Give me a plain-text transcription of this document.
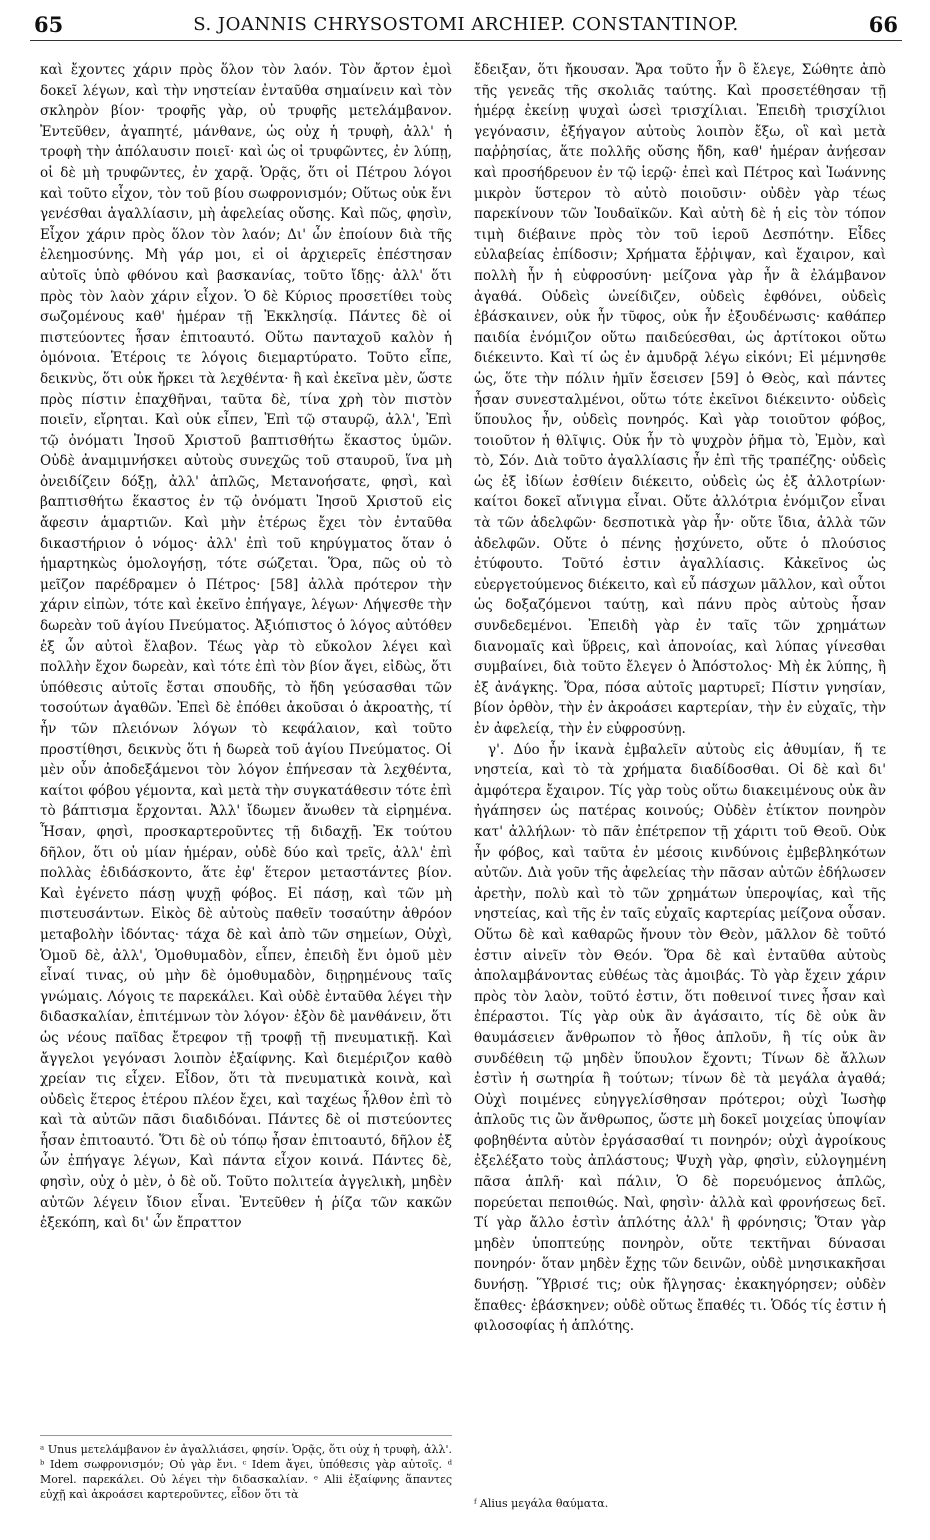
65	S. JOANNIS CHRYSOSTOMI ARCHIEP. CONSTANTINOP.	66

καὶ ἔχοντες χάριν πρὸς ὅλον τὸν λαόν. Τὸν ἄρτον ἐμοὶ δοκεῖ λέγων, καὶ τὴν νηστείαν ἐνταῦθα σημαίνειν καὶ τὸν σκληρὸν βίον· τροφῆς γὰρ, οὐ τρυφῆς μετελάμβανον. Ἐντεῦθεν, ἀγαπητέ, μάνθανε, ὡς οὐχ ἡ τρυφὴ, ἀλλ' ἡ τροφὴ τὴν ἀπόλαυσιν ποιεῖ· καὶ ὡς οἱ τρυφῶντες, ἐν λύπῃ, οἱ δὲ μὴ τρυφῶντες, ἐν χαρᾷ. Ὁρᾷς, ὅτι οἱ Πέτρου λόγοι καὶ τοῦτο εἶχον, τὸν τοῦ βίου σωφρονισμόν; Οὕτως οὐκ ἔνι γενέσθαι ἀγαλλίασιν, μὴ ἀφελείας οὔσης. Καὶ πῶς, φησὶν, Εἶχον χάριν πρὸς ὅλον τὸν λαόν; Δι' ὧν ἐποίουν διὰ τῆς ἐλεημοσύνης. Μὴ γάρ μοι, εἰ οἱ ἀρχιερεῖς ἐπέστησαν αὐτοῖς ὑπὸ φθόνου καὶ βασκανίας, τοῦτο ἴδῃς· ἀλλ' ὅτι πρὸς τὸν λαὸν χάριν εἶχον. Ὁ δὲ Κύριος προσετίθει τοὺς σωζομένους καθ' ἡμέραν τῇ Ἐκκλησίᾳ. Πάντες δὲ οἱ πιστεύοντες ἦσαν ἐπιτοαυτό. Οὕτω πανταχοῦ καλὸν ἡ ὁμόνοια. Ἑτέροις τε λόγοις διεμαρτύρατο. Τοῦτο εἶπε, δεικνὺς, ὅτι οὐκ ἤρκει τὰ λεχθέντα· ἢ καὶ ἐκεῖνα μὲν, ὥστε πρὸς πίστιν ἐπαχθῆναι, ταῦτα δὲ, τίνα χρὴ τὸν πιστὸν ποιεῖν, εἴρηται. Καὶ οὐκ εἶπεν, Ἐπὶ τῷ σταυρῷ, ἀλλ', Ἐπὶ τῷ ὀνόματι Ἰησοῦ Χριστοῦ βαπτισθήτω ἕκαστος ὑμῶν. Οὐδὲ ἀναμιμνήσκει αὐτοὺς συνεχῶς τοῦ σταυροῦ, ἵνα μὴ ὀνειδίζειν δόξῃ, ἀλλ' ἁπλῶς, Μετανοήσατε, φησὶ, καὶ βαπτισθήτω ἕκαστος ἐν τῷ ὀνόματι Ἰησοῦ Χριστοῦ εἰς ἄφεσιν ἁμαρτιῶν. Καὶ μὴν ἑτέρως ἔχει τὸν ἐνταῦθα δικαστήριον ὁ νόμος· ἀλλ' ἐπὶ τοῦ κηρύγματος ὅταν ὁ ἡμαρτηκὼς ὁμολογήσῃ, τότε σώζεται. Ὅρα, πῶς οὐ τὸ μεῖζον παρέδραμεν ὁ Πέτρος· [58] ἀλλὰ πρότερον τὴν χάριν εἰπὼν, τότε καὶ ἐκεῖνο ἐπήγαγε, λέγων· Λήψεσθε τὴν δωρεὰν τοῦ ἁγίου Πνεύματος. Ἀξιόπιστος ὁ λόγος αὐτόθεν ἐξ ὧν αὐτοὶ ἔλαβον. Τέως γὰρ τὸ εὔκολον λέγει καὶ πολλὴν ἔχον δωρεὰν, καὶ τότε ἐπὶ τὸν βίον ἄγει, εἰδὼς, ὅτι ὑπόθεσις αὐτοῖς ἔσται σπουδῆς, τὸ ἤδη γεύσασθαι τῶν τοσούτων ἀγαθῶν. Ἐπεὶ δὲ ἐπόθει ἀκοῦσαι ὁ ἀκροατὴς, τί ἦν τῶν πλειόνων λόγων τὸ κεφάλαιον, καὶ τοῦτο προστίθησι, δεικνὺς ὅτι ἡ δωρεὰ τοῦ ἁγίου Πνεύματος. Οἱ μὲν οὖν ἀποδεξάμενοι τὸν λόγον ἐπήνεσαν τὰ λεχθέντα, καίτοι φόβου γέμοντα, καὶ μετὰ τὴν συγκατάθεσιν τότε ἐπὶ τὸ βάπτισμα ἔρχονται. Ἀλλ' ἴδωμεν ἄνωθεν τὰ εἰρημένα. Ἦσαν, φησὶ, προσκαρτεροῦντες τῇ διδαχῇ. Ἐκ τούτου δῆλον, ὅτι οὐ μίαν ἡμέραν, οὐδὲ δύο καὶ τρεῖς, ἀλλ' ἐπὶ πολλὰς ἐδιδάσκοντο, ἅτε ἐφ' ἕτερον μεταστάντες βίον. Καὶ ἐγένετο πάσῃ ψυχῇ φόβος. Εἰ πάσῃ, καὶ τῶν μὴ πιστευσάντων. Εἰκὸς δὲ αὐτοὺς παθεῖν τοσαύτην ἀθρόον μεταβολὴν ἰδόντας· τάχα δὲ καὶ ἀπὸ τῶν σημείων, Οὐχὶ, Ὁμοῦ δὲ, ἀλλ', Ὁμοθυμαδὸν, εἶπεν, ἐπειδὴ ἔνι ὁμοῦ μὲν εἶναί τινας, οὐ μὴν δὲ ὁμοθυμαδὸν, διῃρημένους ταῖς γνώμαις. Λόγοις τε παρεκάλει. Καὶ οὐδὲ ἐνταῦθα λέγει τὴν διδασκαλίαν, ἐπιτέμνων τὸν λόγον· ἐξὸν δὲ μανθάνειν, ὅτι ὡς νέους παῖδας ἔτρεφον τῇ τροφῇ τῇ πνευματικῇ. Καὶ ἄγγελοι γεγόνασι λοιπὸν ἐξαίφνης. Καὶ διεμέριζον καθὸ χρείαν τις εἶχεν. Εἶδον, ὅτι τὰ πνευματικὰ κοινὰ, καὶ οὐδεὶς ἕτερος ἑτέρου πλέον ἔχει, καὶ ταχέως ἦλθον ἐπὶ τὸ καὶ τὰ αὐτῶν πᾶσι διαδιδόναι. Πάντες δὲ οἱ πιστεύοντες ἦσαν ἐπιτοαυτό. Ὅτι δὲ οὐ τόπῳ ἦσαν ἐπιτοαυτό, δῆλον ἐξ ὧν ἐπήγαγε λέγων, Καὶ πάντα εἶχον κοινά. Πάντες δὲ, φησὶν, οὐχ ὁ μὲν, ὁ δὲ οὔ. Τοῦτο πολιτεία ἀγγελικὴ, μηδὲν αὐτῶν λέγειν ἴδιον εἶναι. Ἐντεῦθεν ἡ ῥίζα τῶν κακῶν ἐξεκόπη, καὶ δι' ὧν ἔπραττον

ἔδειξαν, ὅτι ἤκουσαν. Ἄρα τοῦτο ἦν ὃ ἔλεγε, Σώθητε ἀπὸ τῆς γενεᾶς τῆς σκολιᾶς ταύτης. Καὶ προσετέθησαν τῇ ἡμέρᾳ ἐκείνῃ ψυχαὶ ὡσεὶ τρισχίλιαι. Ἐπειδὴ τρισχίλιοι γεγόνασιν, ἐξήγαγον αὐτοὺς λοιπὸν ἔξω, οἳ καὶ μετὰ παῤῥησίας, ἅτε πολλῆς οὔσης ἤδη, καθ' ἡμέραν ἀνῄεσαν καὶ προσήδρευον ἐν τῷ ἱερῷ· ἐπεὶ καὶ Πέτρος καὶ Ἰωάννης μικρὸν ὕστερον τὸ αὐτὸ ποιοῦσιν· οὐδὲν γὰρ τέως παρεκίνουν τῶν Ἰουδαϊκῶν. Καὶ αὐτὴ δὲ ἡ εἰς τὸν τόπον τιμὴ διέβαινε πρὸς τὸν τοῦ ἱεροῦ Δεσπότην. Εἶδες εὐλαβείας ἐπίδοσιν; Χρήματα ἔῤῥιψαν, καὶ ἔχαιρον, καὶ πολλὴ ἦν ἡ εὐφροσύνη· μείζονα γὰρ ἦν ἃ ἐλάμβανον ἀγαθά. Οὐδεὶς ὠνείδιζεν, οὐδεὶς ἐφθόνει, οὐδεὶς ἐβάσκαινεν, οὐκ ἦν τῦφος, οὐκ ἦν ἐξουδένωσις· καθάπερ παιδία ἐνόμιζον οὕτω παιδεύεσθαι, ὡς ἀρτίτοκοι οὕτω διέκειντο. Καὶ τί ὡς ἐν ἀμυδρᾷ λέγω εἰκόνι; Εἰ μέμνησθε ὡς, ὅτε τὴν πόλιν ἡμῖν ἔσεισεν [59] ὁ Θεὸς, καὶ πάντες ἦσαν συνεσταλμένοι, οὕτω τότε ἐκεῖνοι διέκειντο· οὐδεὶς ὕπουλος ἦν, οὐδεὶς πονηρός. Καὶ γὰρ τοιοῦτον φόβος, τοιοῦτον ἡ θλῖψις. Οὐκ ἦν τὸ ψυχρὸν ῥῆμα τὸ, Ἐμὸν, καὶ τὸ, Σόν. Διὰ τοῦτο ἀγαλλίασις ἦν ἐπὶ τῆς τραπέζης· οὐδεὶς ὡς ἐξ ἰδίων ἐσθίειν διέκειτο, οὐδεὶς ὡς ἐξ ἀλλοτρίων· καίτοι δοκεῖ αἴνιγμα εἶναι. Οὔτε ἀλλότρια ἐνόμιζον εἶναι τὰ τῶν ἀδελφῶν· δεσποτικὰ γὰρ ἦν· οὔτε ἴδια, ἀλλὰ τῶν ἀδελφῶν. Οὔτε ὁ πένης ᾐσχύνετο, οὔτε ὁ πλούσιος ἐτύφουτο. Τοῦτό ἐστιν ἀγαλλίασις. Κἀκεῖνος ὡς εὐεργετούμενος διέκειτο, καὶ εὖ πάσχων μᾶλλον, καὶ οὗτοι ὡς δοξαζόμενοι ταύτῃ, καὶ πάνυ πρὸς αὐτοὺς ἦσαν συνδεδεμένοι. Ἐπειδὴ γὰρ ἐν ταῖς τῶν χρημάτων διανομαῖς καὶ ὕβρεις, καὶ ἀπονοίας, καὶ λύπας γίνεσθαι συμβαίνει, διὰ τοῦτο ἔλεγεν ὁ Ἀπόστολος· Μὴ ἐκ λύπης, ἢ ἐξ ἀνάγκης. Ὅρα, πόσα αὐτοῖς μαρτυρεῖ; Πίστιν γνησίαν, βίον ὀρθὸν, τὴν ἐν ἀκροάσει καρτερίαν, τὴν ἐν εὐχαῖς, τὴν ἐν ἀφελείᾳ, τὴν ἐν εὐφροσύνῃ.

γ'. Δύο ἦν ἱκανὰ ἐμβαλεῖν αὐτοὺς εἰς ἀθυμίαν, ἥ τε νηστεία, καὶ τὸ τὰ χρήματα διαδίδοσθαι. Οἱ δὲ καὶ δι' ἀμφότερα ἔχαιρον. Τίς γὰρ τοὺς οὕτω διακειμένους οὐκ ἂν ἠγάπησεν ὡς πατέρας κοινούς; Οὐδὲν ἐτίκτον πονηρὸν κατ' ἀλλήλων· τὸ πᾶν ἐπέτρεπον τῇ χάριτι τοῦ Θεοῦ. Οὐκ ἦν φόβος, καὶ ταῦτα ἐν μέσοις κινδύνοις ἐμβεβληκότων αὐτῶν. Διὰ γοῦν τῆς ἀφελείας τὴν πᾶσαν αὐτῶν ἐδήλωσεν ἀρετὴν, πολὺ καὶ τὸ τῶν χρημάτων ὑπεροψίας, καὶ τῆς νηστείας, καὶ τῆς ἐν ταῖς εὐχαῖς καρτερίας μείζονα οὖσαν. Οὕτω δὲ καὶ καθαρῶς ἤνουν τὸν Θεὸν, μᾶλλον δὲ τοῦτό ἐστιν αἰνεῖν τὸν Θεόν. Ὅρα δὲ καὶ ἐνταῦθα αὐτοὺς ἀπολαμβάνοντας εὐθέως τὰς ἀμοιβάς. Τὸ γὰρ ἔχειν χάριν πρὸς τὸν λαὸν, τοῦτό ἐστιν, ὅτι ποθεινοί τινες ἦσαν καὶ ἐπέραστοι. Τίς γὰρ οὐκ ἂν ἀγάσαιτο, τίς δὲ οὐκ ἂν θαυμάσειεν ἄνθρωπον τὸ ἦθος ἁπλοῦν, ἢ τίς οὐκ ἂν συνδέθειη τῷ μηδὲν ὕπουλον ἔχοντι; Τίνων δὲ ἄλλων ἐστὶν ἡ σωτηρία ἢ τούτων; τίνων δὲ τὰ μεγάλα ἀγαθά; Οὐχὶ ποιμένες εὐηγγελίσθησαν πρότεροι; οὐχὶ Ἰωσὴφ ἁπλοῦς τις ὢν ἄνθρωπος, ὥστε μὴ δοκεῖ μοιχείας ὑποψίαν φοβηθέντα αὐτὸν ἐργάσασθαί τι πονηρόν; οὐχὶ ἀγροίκους ἐξελέξατο τοὺς ἀπλάστους; Ψυχὴ γὰρ, φησὶν, εὐλογημένη πᾶσα ἁπλῆ· καὶ πάλιν, Ὁ δὲ πορευόμενος ἁπλῶς, πορεύεται πεποιθώς. Ναὶ, φησὶν· ἀλλὰ καὶ φρονήσεως δεῖ. Τί γὰρ ἄλλο ἐστὶν ἁπλότης ἀλλ' ἢ φρόνησις; Ὅταν γὰρ μηδὲν ὑποπτεύῃς πονηρὸν, οὔτε τεκτῆναι δύνασαι πονηρόν· ὅταν μηδὲν ἔχῃς τῶν δεινῶν, οὐδὲ μνησικακῆσαι δυνήσῃ. Ὕβρισέ τις; οὐκ ἤλγησας· ἐκακηγόρησεν; οὐδὲν ἔπαθες· ἐβάσκηνεν; οὐδὲ οὕτως ἔπαθές τι. Ὁδός τίς ἐστιν ἡ φιλοσοφίας ἡ ἁπλότης.

ᵃ Unus μετελάμβανον ἐν ἀγαλλιάσει, φησίν. Ὁρᾷς, ὅτι οὐχ ἡ τρυφὴ, ἀλλ'. ᵇ Idem σωφρονισμόν; Οὐ γὰρ ἔνι. ᶜ Idem ἄγει, ὑπόθεσις γὰρ αὐτοῖς. ᵈ Morel. παρεκάλει. Οὐ λέγει τὴν διδασκαλίαν. ᵉ Alii ἐξαίφνης ἅπαντες εὐχῇ καὶ ἀκροάσει καρτεροῦντες, εἶδον ὅτι τὰ
ᶠ Alius μεγάλα θαύματα.
